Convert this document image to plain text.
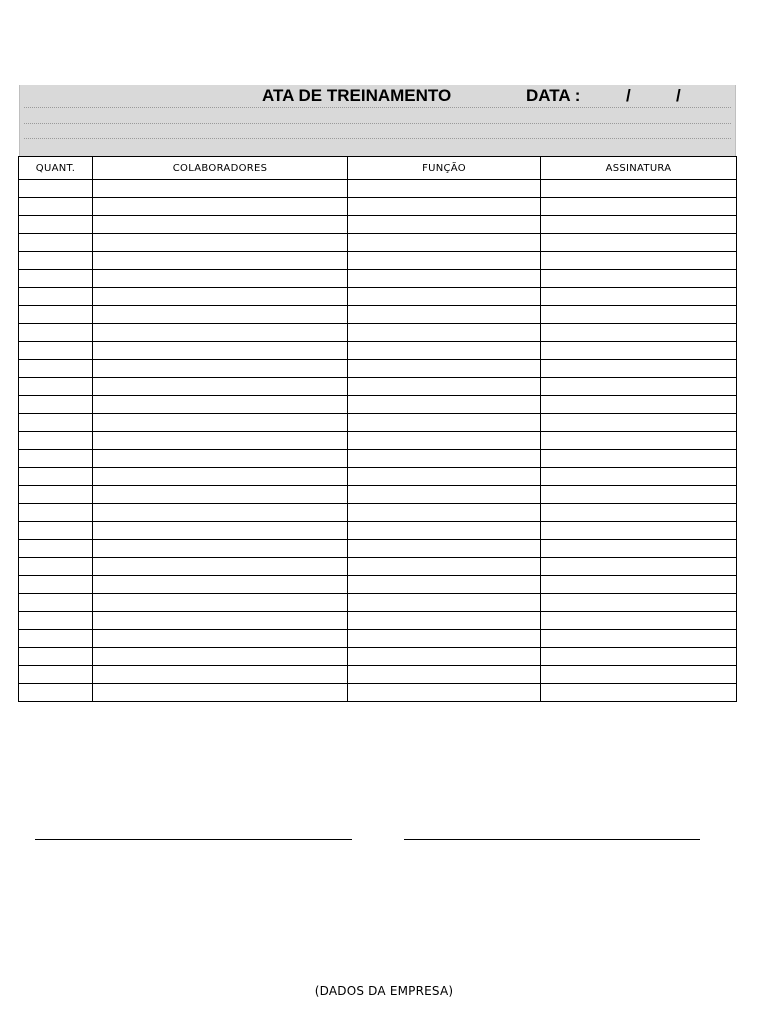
ATA DE TREINAMENTO	DATA :	/	/
QUANT.	COLABORADORES	FUNÇÃO	ASSINATURA

(DADOS DA EMPRESA)
